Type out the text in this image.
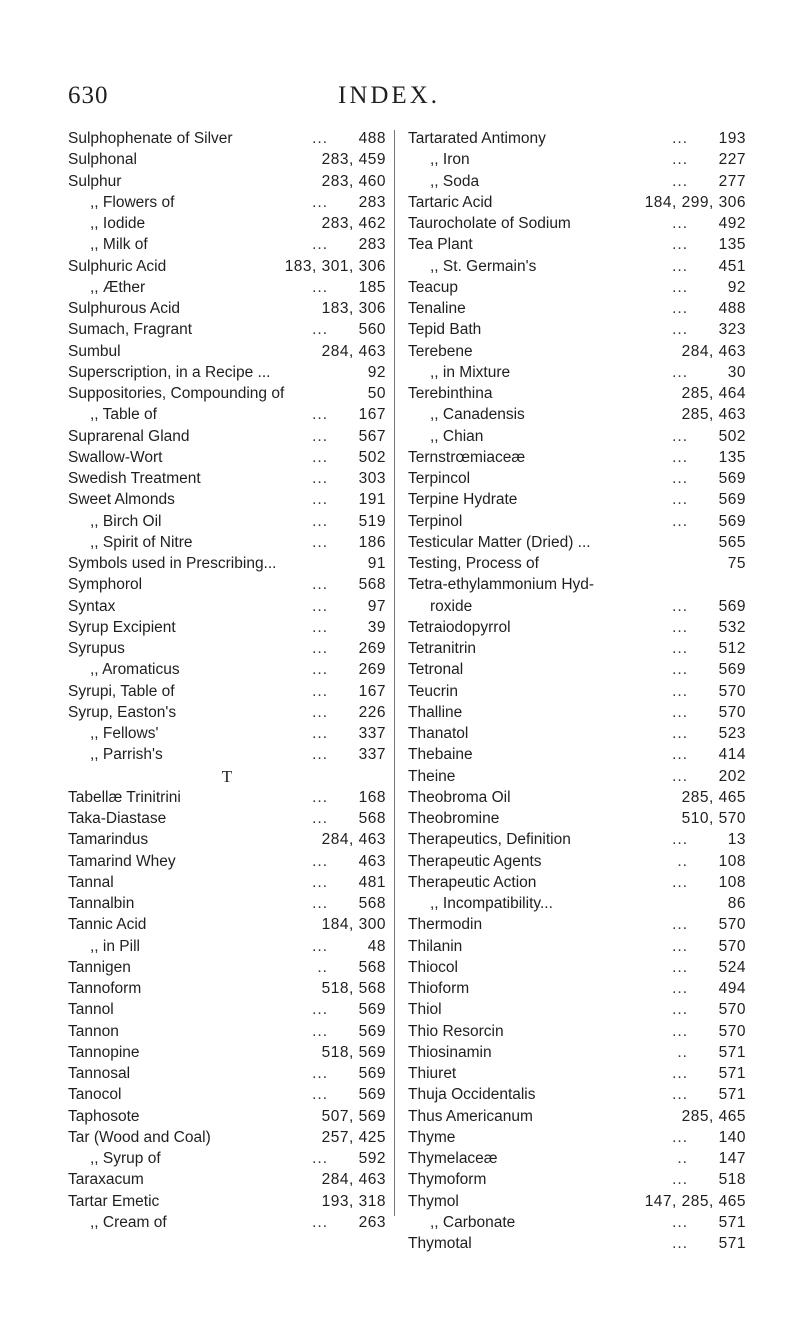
630	INDEX.
Sulphophenate of Silver	... 488
Sulphonal	283, 459
Sulphur	283, 460
,, Flowers of	... 283
,, Iodide	283, 462
,, Milk of	... 283
Sulphuric Acid	183, 301, 306
,, Æther	... 185
Sulphurous Acid	183, 306
Sumach, Fragrant	... 560
Sumbul	284, 463
Superscription, in a Recipe ...	92
Suppositories, Compounding of	50
,, Table of	... 167
Suprarenal Gland	... 567
Swallow-Wort	... 502
Swedish Treatment	... 303
Sweet Almonds	... 191
,, Birch Oil	... 519
,, Spirit of Nitre	... 186
Symbols used in Prescribing...	91
Symphorol	... 568
Syntax	...	97
Syrup Excipient	...	39
Syrupus	... 269
,, Aromaticus	... 269
Syrupi, Table of	... 167
Syrup, Easton's	... 226
,, Fellows'	... 337
,, Parrish's	... 337
T
Tabellæ Trinitrini	... 168
Taka-Diastase	... 568
Tamarindus	284, 463
Tamarind Whey	... 463
Tannal	... 481
Tannalbin	... 568
Tannic Acid	184, 300
,, in Pill	...	48
Tannigen	.. 568
Tannoform	518, 568
Tannol	... 569
Tannon	... 569
Tannopine	518, 569
Tannosal	... 569
Tanocol	... 569
Taphosote	507, 569
Tar (Wood and Coal)	257, 425
,, Syrup of	... 592
Taraxacum	284, 463
Tartar Emetic	193, 318
,, Cream of	... 263
Tartarated Antimony	... 193
,, Iron	... 227
,, Soda	... 277
Tartaric Acid	184, 299, 306
Taurocholate of Sodium	... 492
Tea Plant	... 135
,, St. Germain's	... 451
Teacup	...	92
Tenaline	... 488
Tepid Bath	... 323
Terebene	284, 463
,, in Mixture	...	30
Terebinthina	285, 464
,, Canadensis	285, 463
,, Chian	... 502
Ternstrœmiaceæ	... 135
Terpincol	... 569
Terpine Hydrate	... 569
Terpinol	... 569
Testicular Matter (Dried) ...	565
Testing, Process of	75
Tetra-ethylammonium Hyd-
roxide	... 569
Tetraiodopyrrol	... 532
Tetranitrin	... 512
Tetronal	... 569
Teucrin	... 570
Thalline	... 570
Thanatol	... 523
Thebaine	... 414
Theine	... 202
Theobroma Oil	285, 465
Theobromine	510, 570
Therapeutics, Definition	...	13
Therapeutic Agents	.. 108
Therapeutic Action	... 108
,, Incompatibility...	86
Thermodin	... 570
Thilanin	... 570
Thiocol	... 524
Thioform	... 494
Thiol	... 570
Thio Resorcin	... 570
Thiosinamin	.. 571
Thiuret	... 571
Thuja Occidentalis	... 571
Thus Americanum	285, 465
Thyme	... 140
Thymelaceæ	.. 147
Thymoform	... 518
Thymol	147, 285, 465
,, Carbonate	... 571
Thymotal	... 571
